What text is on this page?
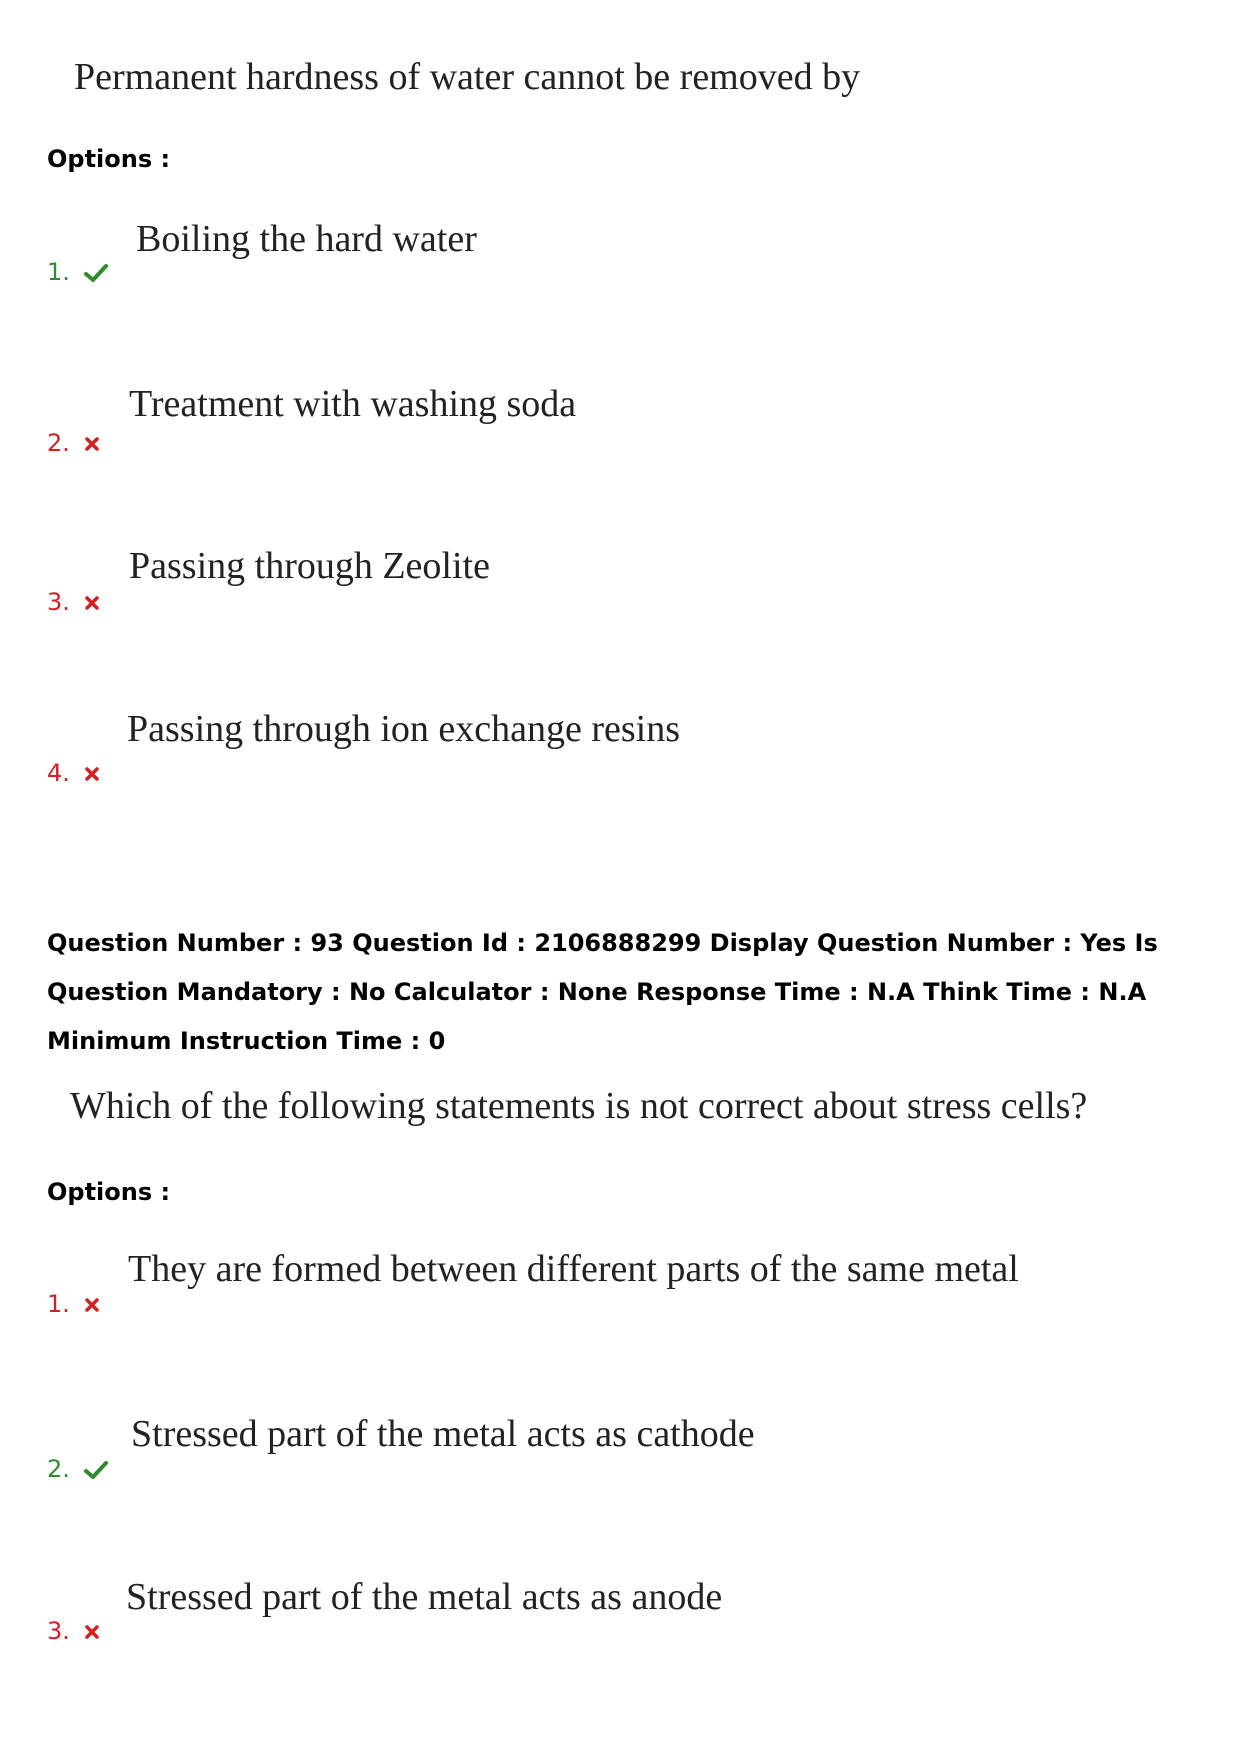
Permanent hardness of water cannot be removed by
Options :
Boiling the hard water
1.
Treatment with washing soda
2.
Passing through Zeolite
3.
Passing through ion exchange resins
4.
Question Number : 93 Question Id : 2106888299 Display Question Number : Yes Is Question Mandatory : No Calculator : None Response Time : N.A Think Time : N.A Minimum Instruction Time : 0
Which of the following statements is not correct about stress cells?
Options :
They are formed between different parts of the same metal
1.
Stressed part of the metal acts as cathode
2.
Stressed part of the metal acts as anode
3.
